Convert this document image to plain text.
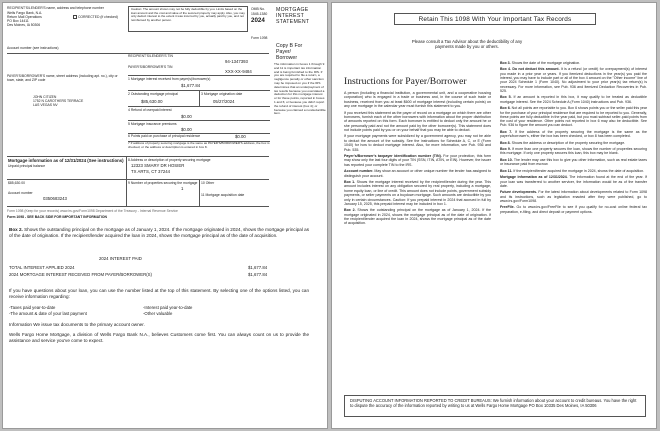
RECIPIENT'S/LENDER'S name, address and telephone number
Wells Fargo Bank, N.A.
Return Mail Operations
PO Box 14411
Des Moines, IA 50306
CORRECTED (if checked)
Caution: The amount shown may not be fully deductible by you. Limits based on the loan amount and the cost and value of the secured property may apply. Also, you may only deduct interest to the extent it was incurred by you, actually paid by you, and not reimbursed by another person.
OMB No.
1545-1380
2024
Form 1098
MORTGAGE
INTEREST
STATEMENT
Copy B For
Payer/
Borrower
The information in boxes 1 through 9 and 11 is important tax information and is being furnished to the IRS. If you are required to file a return, a negligence penalty or other sanction may be imposed on you if the IRS determines that an underpayment of tax results because you overstated a deduction for this mortgage interest or for these points, reported in boxes 1 and 6; or because you didn't report the refund of interest (box 4); or because you claimed a nondeductible item.
Account number (see instructions)
RECIPIENT'S/LENDER'S TIN
94-1347393
PAYER'S/BORROWER'S TIN
XXX-XX-9484
PAYER'S/BORROWER'S name, street address (including apt. no.), city or town, state, and ZIP code
JOHN CITIZEN
1752 N CAROTHERS TERRACE
LAS VEGAS NV
1 Mortgage interest received from payer(s)/borrower(s)
$1,677.84
2 Outstanding mortgage principal
$85,630.00
3 Mortgage origination date
05/27/2024
4 Refund of overpaid interest
$0.00
5 Mortgage insurance premiums
$0.00
6 Points paid on purchase of principal residence	$0.00
7 If address of property securing mortgage is the same as PAYER'S/BORROWER'S address, the box is checked, or the address or description is entered in box 8.
Mortgage information as of 12/31/2024 (See instructions)
Unpaid principal balance
8 Address or description of property securing mortgage
12323 SMARY DR HOSIER
TX ARTS, CT 37244
$85,630.00	9 Number of properties securing the mortgage
1
Account number
0350683243
10 Other
11 Mortgage acquisition date
Form 1098 (Keep for your records) www.irs.gov/Form1098 Department of the Treasury - Internal Revenue Service
Form 1098 - SEE BACK SIDE FOR IMPORTANT INFORMATION
Box 2. Shows the outstanding principal on the mortgage as of January 1, 2024. If the mortgage originated in 2024, shows the mortgage principal as of the date of origination. If the recipient/lender acquired the loan in 2024, shows the mortgage principal as of the date of acquisition.
2024 INTEREST PAID
TOTAL INTEREST APPLIED 2024	$1,677.84
2024 MORTGAGE INTEREST RECEIVED FROM PAYER/BORROWER(S)	$1,677.84
If you have questions about your loan, you can use the number listed at the top of this statement. By selecting one of the options listed, you can receive information regarding:
-Taxes paid year-to-date	-Interest paid year-to-date
-The amount & date of your last payment	-Other valuable
Information We issue tax documents to the primary account owner.
Wells Fargo Home Mortgage, a division of Wells Fargo Bank N.A., believes Customers come first. You can always count on us to provide the assistance and service you've come to expect.
Retain This 1098 With Your Important Tax Records
Please consult a Tax Advisor about the deductibility of any
payments made by you or others.
Instructions for Payer/Borrower
A person (including a financial institution, a governmental unit, and a cooperative housing corporation) who is engaged in a trade or business and, in the course of such trade or business, received from you at least $600 of mortgage interest (including certain points) on any one mortgage in the calendar year must furnish this statement to you.
If you received this statement as the payer of record on a mortgage on which there are other borrowers, furnish each of the other borrowers with information about the proper distribution of amounts reported on this form. Each borrower is entitled to deduct only the amount he or she personally paid and not the amount paid by the other borrower(s). This statement does not include points paid by you or on your behalf that you may be able to deduct.
If your mortgage payments were subsidized by a government agency, you may not be able to deduct the amount of the subsidy. See the instructions for Schedule A, C, or E (Form 1040) for how to deduct mortgage interest. Also, for more information, see Pub. 936 and Pub. 535.
Payer's/Borrower's taxpayer identification number (TIN). For your protection, this form may show only the last four digits of your TIN (SSN, ITIN, ATIN, or EIN). However, the issuer has reported your complete TIN to the IRS.
Account number. May show an account or other unique number the lender has assigned to distinguish your account.
Box 1. Shows the mortgage interest received by the recipient/lender during the year. This amount includes interest on any obligation secured by real property, including a mortgage, home equity loan, or line of credit. This amount does not include points, government subsidy payments, or seller payments on a buydown mortgage. Such amounts are deductible by you only in certain circumstances. Caution: If you prepaid interest in 2024 that accrued in full by January 15, 2025, this prepaid interest may be included in box 1.
Box 2. Shows the outstanding principal on the mortgage as of January 1, 2024. If the mortgage originated in 2024, shows the mortgage principal as of the date of origination. If the recipient/lender acquired the loan in 2024, shows the mortgage principal as of the date of acquisition.
Box 3. Shows the date of the mortgage origination.
Box 4. Do not deduct this amount. It is a refund (or credit) for overpayment(s) of interest you made in a prior year or years. If you itemized deductions in the year(s) you paid the interest, you may have to include part or all of the box 4 amount on the "Other income" line of your 2024 Schedule 1 (Form 1040). No adjustment to your prior year(s) tax return(s) is necessary. For more information, see Pub. 936 and Itemized Deduction Recoveries in Pub. 525.
Box 5. If an amount is reported in this box, it may qualify to be treated as deductible mortgage interest. See the 2024 Schedule A (Form 1040) instructions and Pub. 936.
Box 6. Not all points are reportable to you. Box 6 shows points you or the seller paid this year for the purchase of your principal residence that are required to be reported to you. Generally, these points are fully deductible in the year paid, but you must subtract seller-paid points from the cost of your residence. Other points not reported in box 6 may also be deductible. See Pub. 936 to figure the amount you can deduct.
Box 7. If the address of the property securing the mortgage is the same as the payer's/borrower's, either the box has been checked, or box 8 has been completed.
Box 8. Shows the address or description of the property securing the mortgage.
Box 9. If more than one property secures the loan, shows the number of properties securing this mortgage. If only one property secures this loan, this box may be blank.
Box 10. The lender may use this box to give you other information, such as real estate taxes or insurance paid from escrow.
Box 11. If the recipient/lender acquired the mortgage in 2024, shows the date of acquisition.
Mortgage information as of 12/31/2024. The information found at the end of the year. If your loan was transferred to another servicer, the information would be as of the transfer date.
Future developments. For the latest information about developments related to Form 1098 and its instructions, such as legislation enacted after they were published, go to www.irs.gov/Form1098.
FreeFile. Go to www.irs.gov/FreeFile to see if you qualify for no-cost online federal tax preparation, e-filing, and direct deposit or payment options.
DISPUTING ACCOUNT INFORMATION REPORTED TO CREDIT BUREAUS: We furnish information about your account to credit bureaus. You have the right to dispute the accuracy of the information reported by writing to us at Wells Fargo Home Mortgage PO Box 10335 Des Moines, IA 50306
